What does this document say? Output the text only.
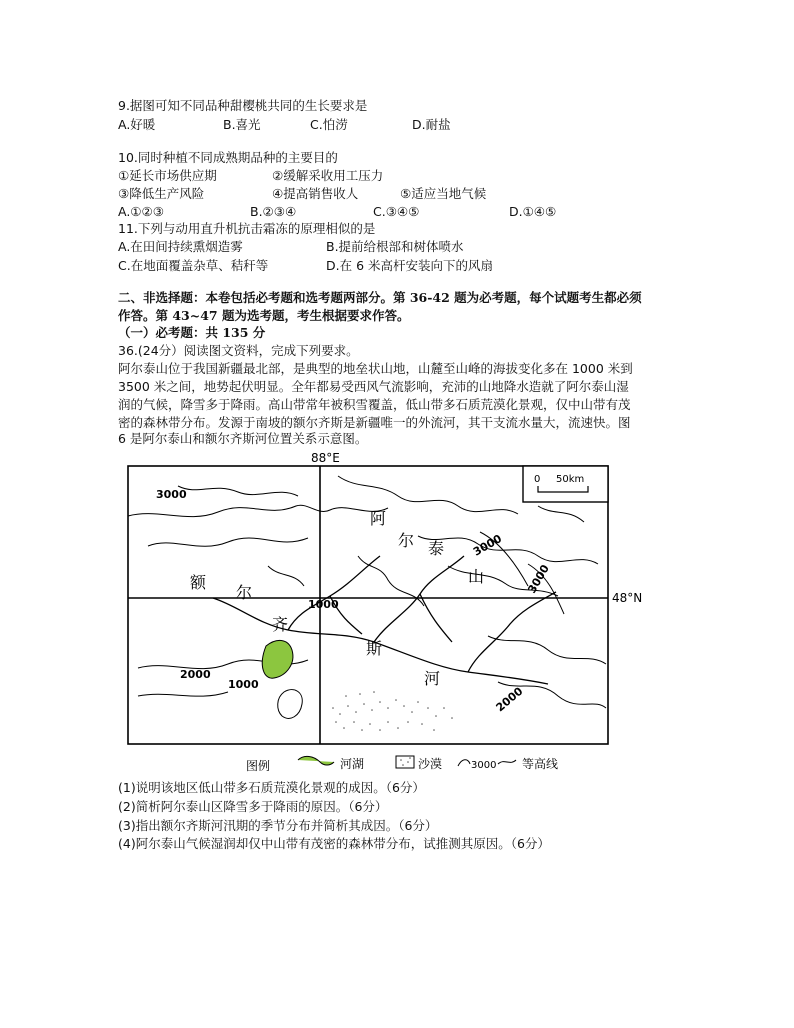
9.据图可知不同品种甜樱桃共同的生长要求是
A.好暖	B.喜光	C.怕涝	D.耐盐
10.同时种植不同成熟期品种的主要目的
①延长市场供应期	②缓解采收用工压力
③降低生产风险	④提高销售收人	⑤适应当地气候
A.①②③	B.②③④	C.③④⑤	D.①④⑤
11.下列与动用直升机抗击霜冻的原理相似的是
A.在田间持续熏烟造雾	B.提前给根部和树体喷水
C.在地面覆盖杂草、秸秆等	D.在 6 米高杆安装向下的风扇
二、非选择题：本卷包括必考题和选考题两部分。第 36-42 题为必考题，每个试题考生都必须
作答。第 43~47 题为选考题，考生根据要求作答。
（一）必考题：共 135 分
36.(24分）阅读图文资料，完成下列要求。
阿尔泰山位于我国新疆最北部，是典型的地垒状山地，山麓至山峰的海拔变化多在 1000 米到
3500 米之间，地势起伏明显。全年都易受西风气流影响，充沛的山地降水造就了阿尔泰山湿
润的气候，降雪多于降雨。高山带常年被积雪覆盖，低山带多石质荒漠化景观，仅中山带有茂
密的森林带分布。发源于南坡的额尔齐斯是新疆唯一的外流河，其干支流水量大，流速快。图
6 是阿尔泰山和额尔齐斯河位置关系示意图。
0 50km
88°E
48°N
3000
3000
3000
1000
2000
1000
2000
阿
尔 泰
山
额
尔
齐
斯
河
图例	河湖	沙漠	3000 等高线
(1)说明该地区低山带多石质荒漠化景观的成因。（6分）
(2)简析阿尔泰山区降雪多于降雨的原因。（6分）
(3)指出额尔齐斯河汛期的季节分布并简析其成因。（6分）
(4)阿尔泰山气候湿润却仅中山带有茂密的森林带分布，试推测其原因。（6分）
